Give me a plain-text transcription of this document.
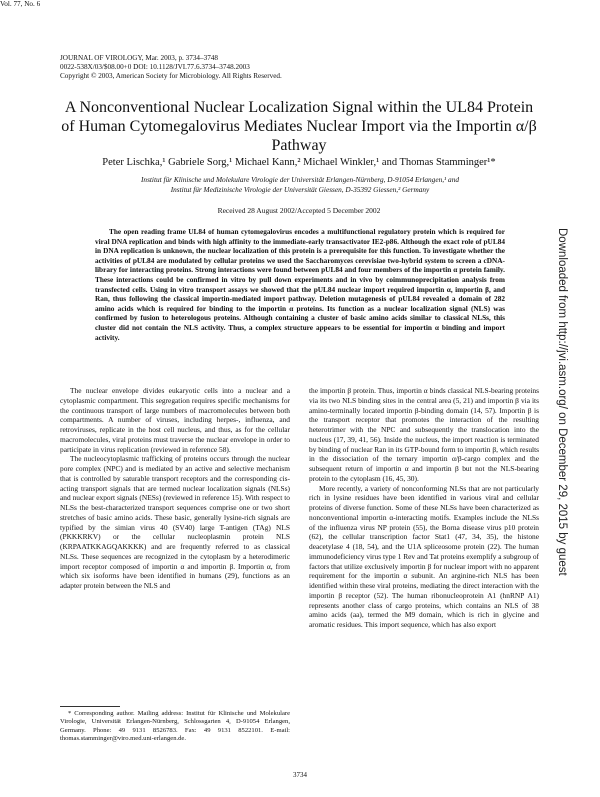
JOURNAL OF VIROLOGY, Mar. 2003, p. 3734–3748
0022-538X/03/$08.00+0 DOI: 10.1128/JVI.77.6.3734–3748.2003
Copyright © 2003, American Society for Microbiology. All Rights Reserved.
Vol. 77, No. 6
A Nonconventional Nuclear Localization Signal within the UL84 Protein of Human Cytomegalovirus Mediates Nuclear Import via the Importin α/β Pathway
Peter Lischka,¹ Gabriele Sorg,¹ Michael Kann,² Michael Winkler,¹ and Thomas Stamminger¹*
Institut für Klinische und Molekulare Virologie der Universität Erlangen-Nürnberg, D-91054 Erlangen,¹ and
Institut für Medizinische Virologie der Universität Giessen, D-35392 Giessen,² Germany
Received 28 August 2002/Accepted 5 December 2002
The open reading frame UL84 of human cytomegalovirus encodes a multifunctional regulatory protein which is required for viral DNA replication and binds with high affinity to the immediate-early transactivator IE2-p86. Although the exact role of pUL84 in DNA replication is unknown, the nuclear localization of this protein is a prerequisite for this function. To investigate whether the activities of pUL84 are modulated by cellular proteins we used the Saccharomyces cerevisiae two-hybrid system to screen a cDNA-library for interacting proteins. Strong interactions were found between pUL84 and four members of the importin α protein family. These interactions could be confirmed in vitro by pull down experiments and in vivo by coimmunoprecipitation analysis from transfected cells. Using in vitro transport assays we showed that the pUL84 nuclear import required importin α, importin β, and Ran, thus following the classical importin-mediated import pathway. Deletion mutagenesis of pUL84 revealed a domain of 282 amino acids which is required for binding to the importin α proteins. Its function as a nuclear localization signal (NLS) was confirmed by fusion to heterologous proteins. Although containing a cluster of basic amino acids similar to classical NLSs, this cluster did not contain the NLS activity. Thus, a complex structure appears to be essential for importin α binding and import activity.

The nuclear envelope divides eukaryotic cells into a nuclear and a cytoplasmic compartment. This segregation requires specific mechanisms for the continuous transport of large numbers of macromolecules between both compartments. A number of viruses, including herpes-, influenza, and retroviruses, replicate in the host cell nucleus, and thus, as for the cellular macromolecules, viral proteins must traverse the nuclear envelope in order to participate in virus replication (reviewed in reference 58).

The nucleocytoplasmic trafficking of proteins occurs through the nuclear pore complex (NPC) and is mediated by an active and selective mechanism that is controlled by saturable transport receptors and the corresponding cis-acting transport signals that are termed nuclear localization signals (NLSs) and nuclear export signals (NESs) (reviewed in reference 15). With respect to NLSs the best-characterized transport sequences comprise one or two short stretches of basic amino acids. These basic, generally lysine-rich signals are typified by the simian virus 40 (SV40) large T-antigen (TAg) NLS (PKKKRKV) or the cellular nucleoplasmin protein NLS (KRPAATKKAGQAKKKK) and are frequently referred to as classical NLSs. These sequences are recognized in the cytoplasm by a heterodimeric import receptor composed of importin α and importin β. Importin α, from which six isoforms have been identified in humans (29), functions as an adapter protein between the NLS and

the importin β protein. Thus, importin α binds classical NLS-bearing proteins via its two NLS binding sites in the central area (5, 21) and importin β via its amino-terminally located importin β-binding domain (14, 57). Importin β is the transport receptor that promotes the interaction of the resulting heterotrimer with the NPC and subsequently the translocation into the nucleus (17, 39, 41, 56). Inside the nucleus, the import reaction is terminated by binding of nuclear Ran in its GTP-bound form to importin β, which results in the dissociation of the ternary importin α/β-cargo complex and the subsequent return of importin α and importin β but not the NLS-bearing protein to the cytoplasm (16, 45, 30).

More recently, a variety of nonconforming NLSs that are not particularly rich in lysine residues have been identified in various viral and cellular proteins of diverse function. Some of these NLSs have been characterized as nonconventional importin α-interacting motifs. Examples include the NLSs of the influenza virus NP protein (55), the Borna disease virus p10 protein (62), the cellular transcription factor Stat1 (47, 34, 35), the histone deacetylase 4 (18, 54), and the U1A spliceosome protein (22). The human immunodeficiency virus type 1 Rev and Tat proteins exemplify a subgroup of factors that utilize exclusively importin β for nuclear import with no apparent requirement for the importin α subunit. An arginine-rich NLS has been identified within these viral proteins, mediating the direct interaction with the importin β receptor (52). The human ribonucleoprotein A1 (hnRNP A1) represents another class of cargo proteins, which contains an NLS of 38 amino acids (aa), termed the M9 domain, which is rich in glycine and aromatic residues. This import sequence, which has also export

* Corresponding author. Mailing address: Institut für Klinische und Molekulare Virologie, Universität Erlangen-Nürnberg, Schlossgarten 4, D-91054 Erlangen, Germany. Phone: 49 9131 8526783. Fax: 49 9131 8522101. E-mail: thomas.stamminger@viro.med.uni-erlangen.de.
3734
Downloaded from http://jvi.asm.org/ on December 29, 2015 by guest
